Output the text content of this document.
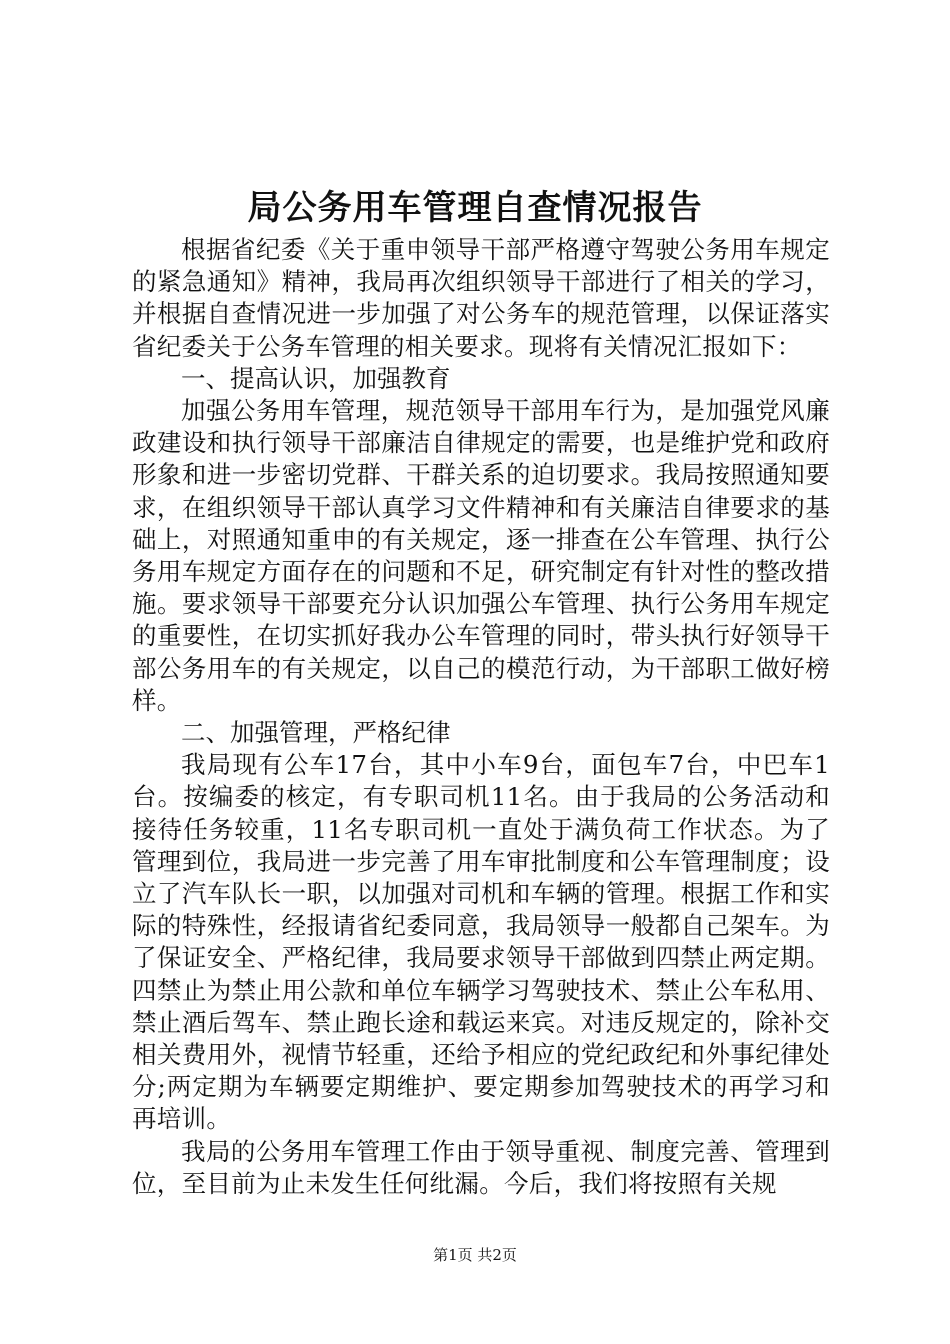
局公务用车管理自查情况报告

根据省纪委《关于重申领导干部严格遵守驾驶公务用车规定的紧急通知》精神，我局再次组织领导干部进行了相关的学习，并根据自查情况进一步加强了对公务车的规范管理，以保证落实省纪委关于公务车管理的相关要求。现将有关情况汇报如下：

一、提高认识，加强教育

加强公务用车管理，规范领导干部用车行为，是加强党风廉政建设和执行领导干部廉洁自律规定的需要，也是维护党和政府形象和进一步密切党群、干群关系的迫切要求。我局按照通知要求，在组织领导干部认真学习文件精神和有关廉洁自律要求的基础上，对照通知重申的有关规定，逐一排查在公车管理、执行公务用车规定方面存在的问题和不足，研究制定有针对性的整改措施。要求领导干部要充分认识加强公车管理、执行公务用车规定的重要性，在切实抓好我办公车管理的同时，带头执行好领导干部公务用车的有关规定，以自己的模范行动，为干部职工做好榜样。

二、加强管理，严格纪律

我局现有公车17台，其中小车9台，面包车7台，中巴车1台。按编委的核定，有专职司机11名。由于我局的公务活动和接待任务较重，11名专职司机一直处于满负荷工作状态。为了管理到位，我局进一步完善了用车审批制度和公车管理制度；设立了汽车队长一职，以加强对司机和车辆的管理。根据工作和实际的特殊性，经报请省纪委同意，我局领导一般都自己架车。为了保证安全、严格纪律，我局要求领导干部做到四禁止两定期。四禁止为禁止用公款和单位车辆学习驾驶技术、禁止公车私用、禁止酒后驾车、禁止跑长途和载运来宾。对违反规定的，除补交相关费用外，视情节轻重，还给予相应的党纪政纪和外事纪律处分;两定期为车辆要定期维护、要定期参加驾驶技术的再学习和再培训。

我局的公务用车管理工作由于领导重视、制度完善、管理到位，至目前为止未发生任何纰漏。今后，我们将按照有关规

第1页 共2页
